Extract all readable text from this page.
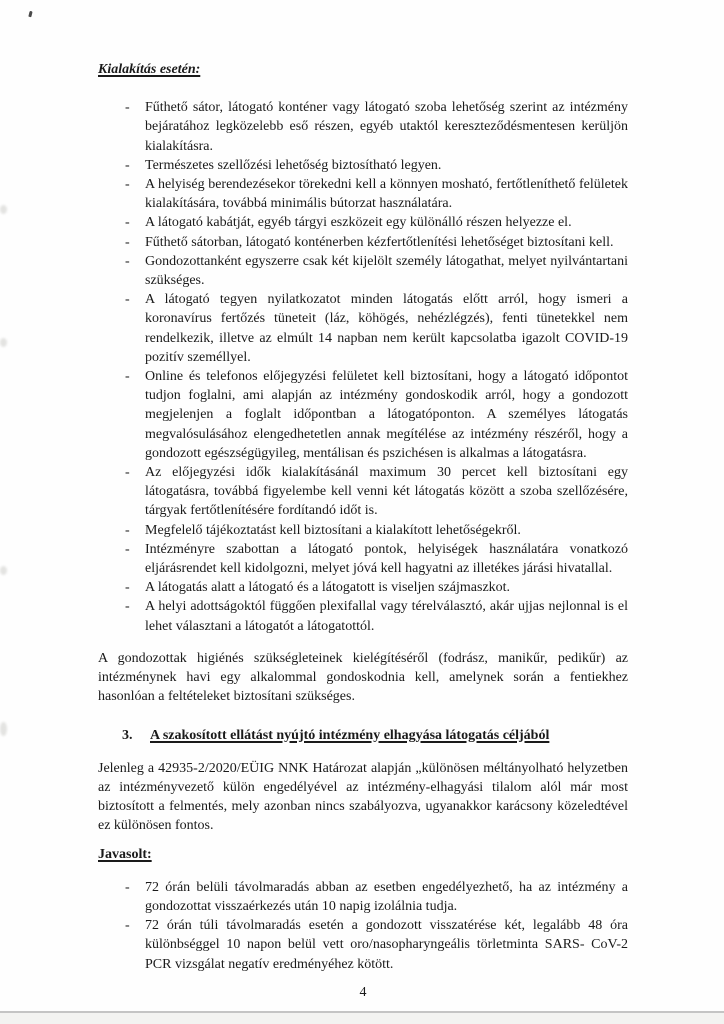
Kialakítás esetén:
- Fűthető sátor, látogató konténer vagy látogató szoba lehetőség szerint az intézmény bejáratához legközelebb eső részen, egyéb utaktól kereszteződésmentesen kerüljön kialakításra.
- Természetes szellőzési lehetőség biztosítható legyen.
- A helyiség berendezésekor törekedni kell a könnyen mosható, fertőtleníthető felületek kialakítására, továbbá minimális bútorzat használatára.
- A látogató kabátját, egyéb tárgyi eszközeit egy különálló részen helyezze el.
- Fűthető sátorban, látogató konténerben kézfertőtlenítési lehetőséget biztosítani kell.
- Gondozottanként egyszerre csak két kijelölt személy látogathat, melyet nyilvántartani szükséges.
- A látogató tegyen nyilatkozatot minden látogatás előtt arról, hogy ismeri a koronavírus fertőzés tüneteit (láz, köhögés, nehézlégzés), fenti tünetekkel nem rendelkezik, illetve az elmúlt 14 napban nem került kapcsolatba igazolt COVID-19 pozitív személlyel.
- Online és telefonos előjegyzési felületet kell biztosítani, hogy a látogató időpontot tudjon foglalni, ami alapján az intézmény gondoskodik arról, hogy a gondozott megjelenjen a foglalt időpontban a látogatóponton. A személyes látogatás megvalósulásához elengedhetetlen annak megítélése az intézmény részéről, hogy a gondozott egészségügyileg, mentálisan és pszichésen is alkalmas a látogatásra.
- Az előjegyzési idők kialakításánál maximum 30 percet kell biztosítani egy látogatásra, továbbá figyelembe kell venni két látogatás között a szoba szellőzésére, tárgyak fertőtlenítésére fordítandó időt is.
- Megfelelő tájékoztatást kell biztosítani a kialakított lehetőségekről.
- Intézményre szabottan a látogató pontok, helyiségek használatára vonatkozó eljárásrendet kell kidolgozni, melyet jóvá kell hagyatni az illetékes járási hivatallal.
- A látogatás alatt a látogató és a látogatott is viseljen szájmaszkot.
- A helyi adottságoktól függően plexifallal vagy térelválasztó, akár ujjas nejlonnal is el lehet választani a látogatót a látogatottól.
A gondozottak higiénés szükségleteinek kielégítéséről (fodrász, manikűr, pedikűr) az intézménynek havi egy alkalommal gondoskodnia kell, amelynek során a fentiekhez hasonlóan a feltételeket biztosítani szükséges.
3. A szakosított ellátást nyújtó intézmény elhagyása látogatás céljából
Jelenleg a 42935-2/2020/EÜIG NNK Határozat alapján „különösen méltányolható helyzetben az intézményvezető külön engedélyével az intézmény-elhagyási tilalom alól már most biztosított a felmentés, mely azonban nincs szabályozva, ugyanakkor karácsony közeledtével ez különösen fontos.
Javasolt:
- 72 órán belüli távolmaradás abban az esetben engedélyezhető, ha az intézmény a gondozottat visszaérkezés után 10 napig izolálnia tudja.
- 72 órán túli távolmaradás esetén a gondozott visszatérése két, legalább 48 óra különbséggel 10 napon belül vett oro/nasopharyngeális törletminta SARS- CoV-2 PCR vizsgálat negatív eredményéhez kötött.
4
